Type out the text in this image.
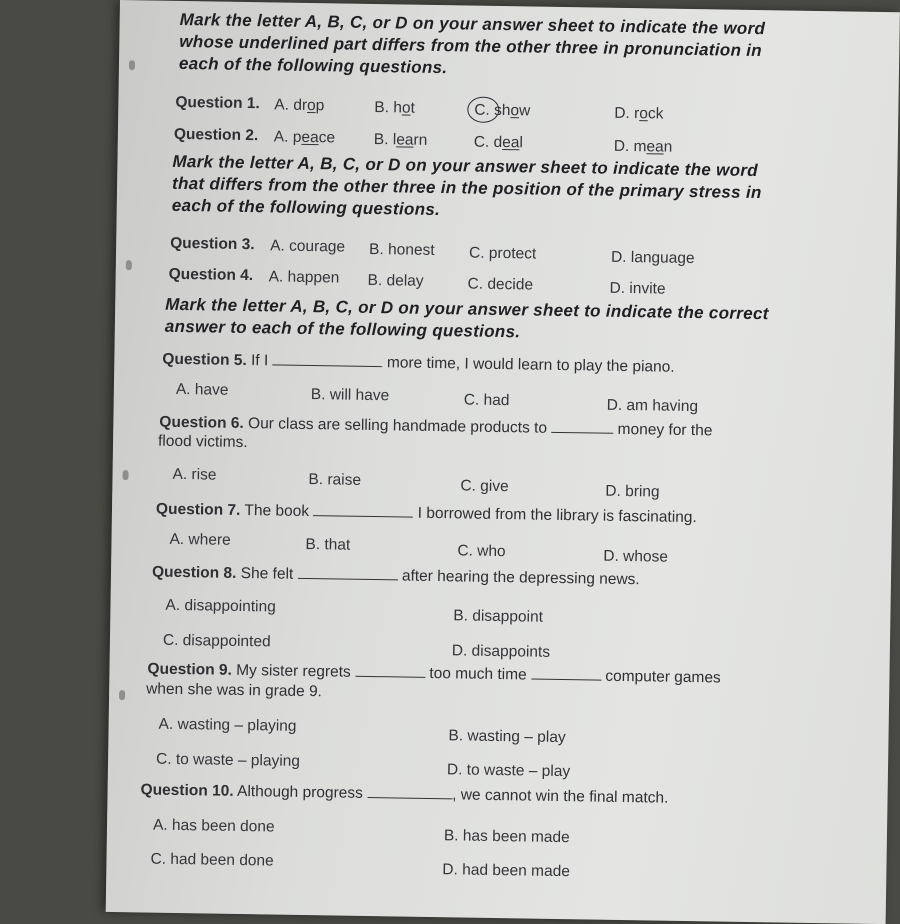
Mark the letter A, B, C, or D on your answer sheet to indicate the word whose underlined part differs from the other three in pronunciation in each of the following questions.
Question 1. A. drop	B. hot	C. show	D. rock
Question 2. A. peace B. learn	C. deal	D. mean
Mark the letter A, B, C, or D on your answer sheet to indicate the word that differs from the other three in the position of the primary stress in each of the following questions.
Question 3. A. courage B. honest C. protect	D. language
Question 4. A. happen B. delay	C. decide	D. invite
Mark the letter A, B, C, or D on your answer sheet to indicate the correct answer to each of the following questions.
Question 5. If I	more time, I would learn to play the piano.
A. have	B. will have	C. had	D. am having
Question 6. Our class are selling handmade products to	money for the
flood victims.
A. rise	B. raise	C. give	D. bring
Question 7. The book	I borrowed from the library is fascinating.
A. where	B. that	C. who	D. whose
Question 8. She felt	after hearing the depressing news.
A. disappointing
B. disappoint
C. disappointed
D. disappoints
Question 9. My sister regrets	too much time	computer games
when she was in grade 9.
A. wasting – playing
B. wasting – play
C. to waste – playing
D. to waste – play
Question 10. Although progress	, we cannot win the final match.
A. has been done
B. has been made
C. had been done
D. had been made
